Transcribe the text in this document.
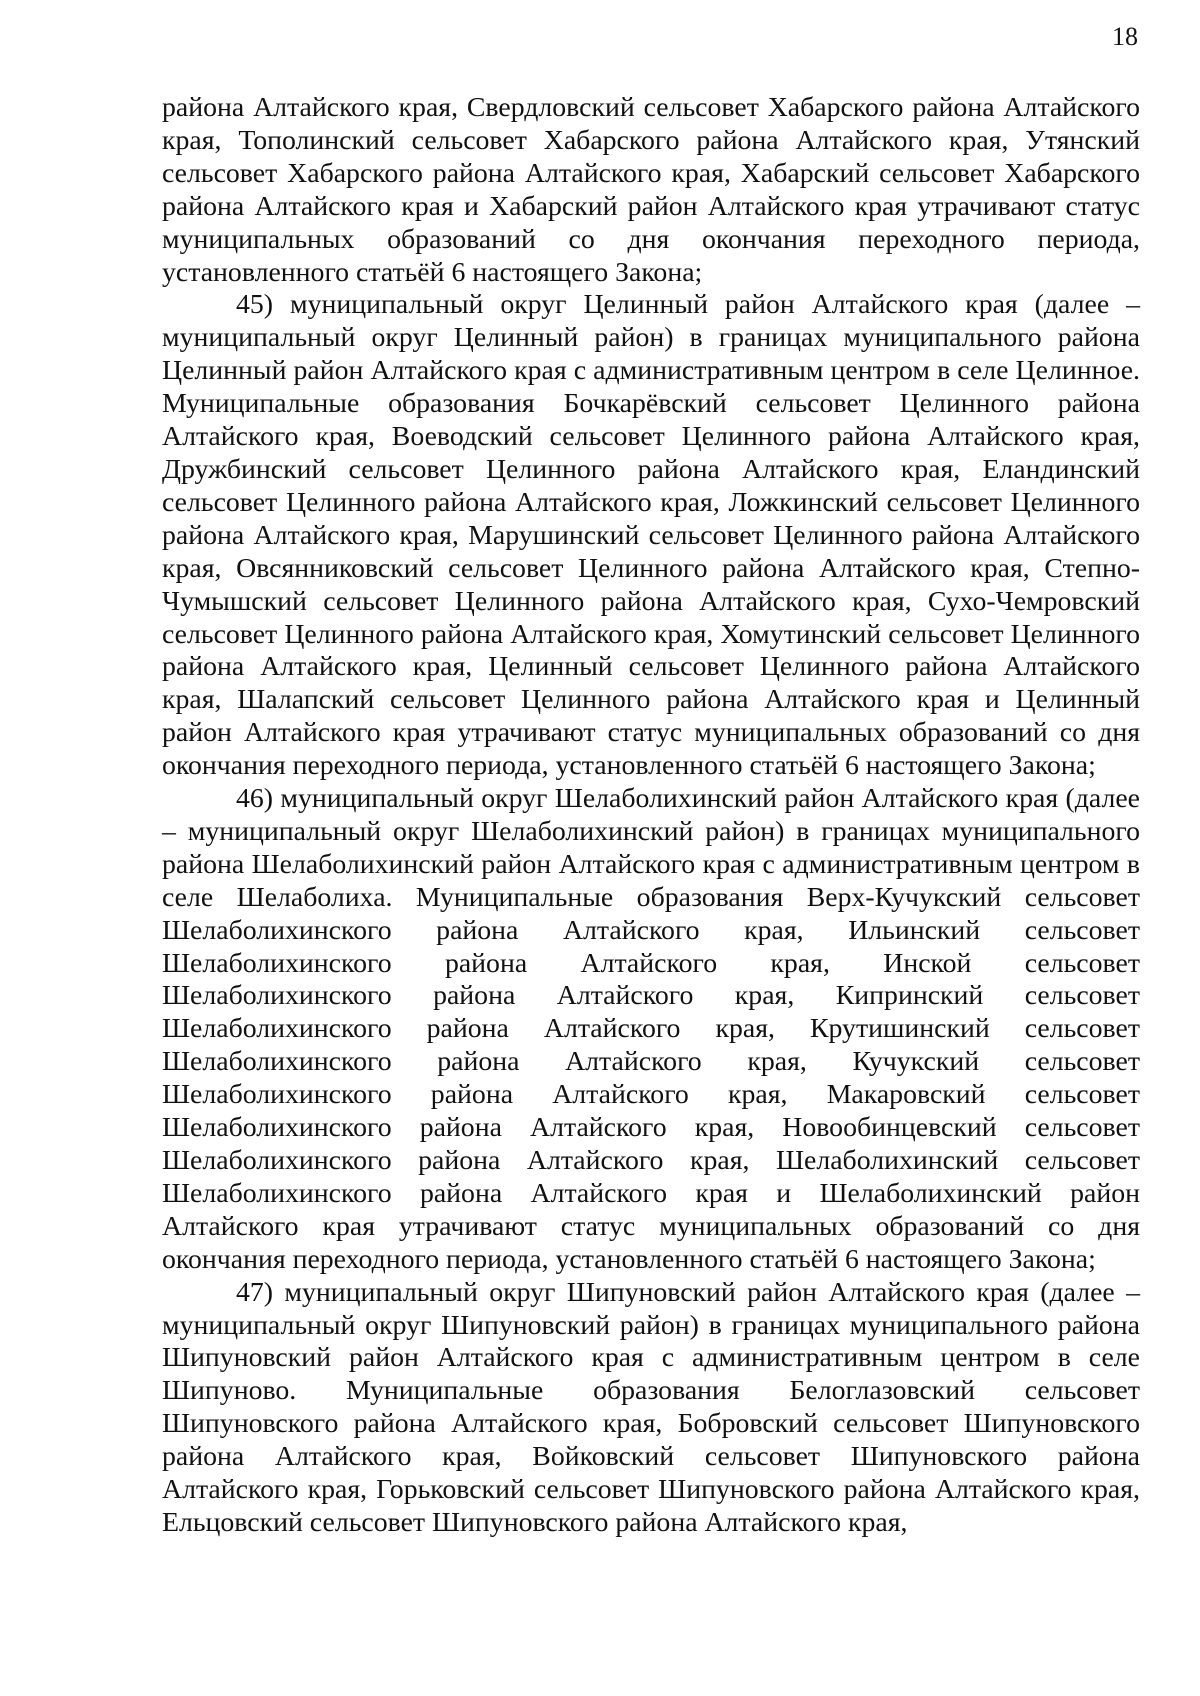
18

района Алтайского края, Свердловский сельсовет Хабарского района Алтайского края, Тополинский сельсовет Хабарского района Алтайского края, Утянский сельсовет Хабарского района Алтайского края, Хабарский сельсовет Хабарского района Алтайского края и Хабарский район Алтайского края утрачивают статус муниципальных образований со дня окончания переходного периода, установленного статьёй 6 настоящего Закона;

45) муниципальный округ Целинный район Алтайского края (далее – муниципальный округ Целинный район) в границах муниципального района Целинный район Алтайского края с административным центром в селе Целинное. Муниципальные образования Бочкарёвский сельсовет Целинного района Алтайского края, Воеводский сельсовет Целинного района Алтайского края, Дружбинский сельсовет Целинного района Алтайского края, Еландинский сельсовет Целинного района Алтайского края, Ложкинский сельсовет Целинного района Алтайского края, Марушинский сельсовет Целинного района Алтайского края, Овсянниковский сельсовет Целинного района Алтайского края, Степно-Чумышский сельсовет Целинного района Алтайского края, Сухо-Чемровский сельсовет Целинного района Алтайского края, Хомутинский сельсовет Целинного района Алтайского края, Целинный сельсовет Целинного района Алтайского края, Шалапский сельсовет Целинного района Алтайского края и Целинный район Алтайского края утрачивают статус муниципальных образований со дня окончания переходного периода, установленного статьёй 6 настоящего Закона;

46) муниципальный округ Шелаболихинский район Алтайского края (далее – муниципальный округ Шелаболихинский район) в границах муниципального района Шелаболихинский район Алтайского края с административным центром в селе Шелаболиха. Муниципальные образования Верх-Кучукский сельсовет Шелаболихинского района Алтайского края, Ильинский сельсовет Шелаболихинского района Алтайского края, Инской сельсовет Шелаболихинского района Алтайского края, Кипринский сельсовет Шелаболихинского района Алтайского края, Крутишинский сельсовет Шелаболихинского района Алтайского края, Кучукский сельсовет Шелаболихинского района Алтайского края, Макаровский сельсовет Шелаболихинского района Алтайского края, Новообинцевский сельсовет Шелаболихинского района Алтайского края, Шелаболихинский сельсовет Шелаболихинского района Алтайского края и Шелаболихинский район Алтайского края утрачивают статус муниципальных образований со дня окончания переходного периода, установленного статьёй 6 настоящего Закона;

47) муниципальный округ Шипуновский район Алтайского края (далее – муниципальный округ Шипуновский район) в границах муниципального района Шипуновский район Алтайского края с административным центром в селе Шипуново. Муниципальные образования Белоглазовский сельсовет Шипуновского района Алтайского края, Бобровский сельсовет Шипуновского района Алтайского края, Войковский сельсовет Шипуновского района Алтайского края, Горьковский сельсовет Шипуновского района Алтайского края, Ельцовский сельсовет Шипуновского района Алтайского края,
